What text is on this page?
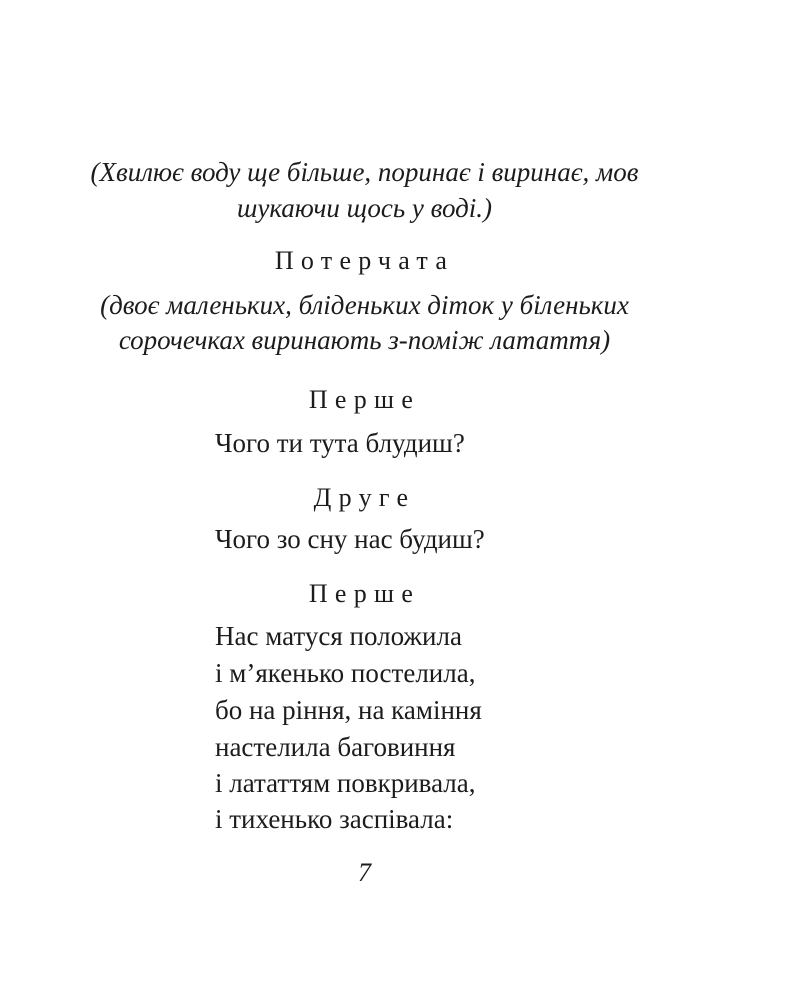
(Хвилює воду ще більше, поринає і виринає, мов
шукаючи щось у воді.)
Потерчата
(двоє маленьких, бліденьких діток у біленьких
сорочечках виринають з-поміж латаття)
Перше
Чого ти тута блудиш?
Друге
Чого зо сну нас будиш?
Перше
Нас матуся положила
і м’якенько постелила,
бо на ріння, на каміння
настелила баговиння
і лататтям повкривала,
і тихенько заспівала:
7
